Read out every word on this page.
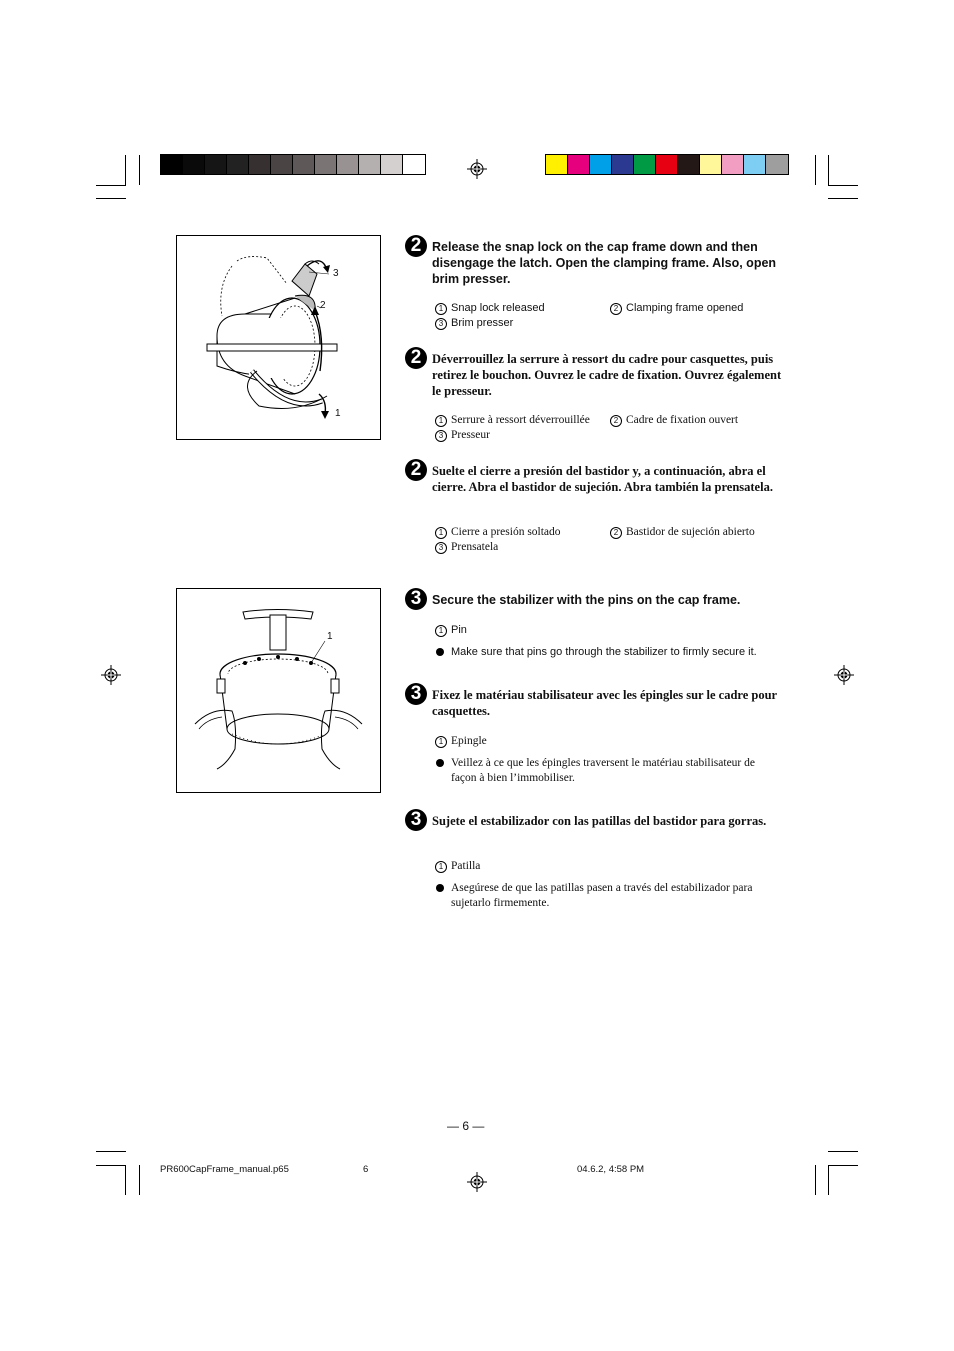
3
2
1
1
2 Release the snap lock on the cap frame down and then disengage the latch. Open the clamping frame. Also, open brim presser.
1 Snap lock released	2 Clamping frame opened
3 Brim presser
2 Déverrouillez la serrure à ressort du cadre pour casquettes, puis retirez le bouchon. Ouvrez le cadre de fixation. Ouvrez également le presseur.
1 Serrure à ressort déverrouillée	2 Cadre de fixation ouvert
3 Presseur
2 Suelte el cierre a presión del bastidor y, a continuación, abra el cierre. Abra el bastidor de sujeción. Abra también la prensatela.
1 Cierre a presión soltado	2 Bastidor de sujeción abierto
3 Prensatela
3 Secure the stabilizer with the pins on the cap frame.
1 Pin
Make sure that pins go through the stabilizer to firmly secure it.
3 Fixez le matériau stabilisateur avec les épingles sur le cadre pour casquettes.
1 Epingle
Veillez à ce que les épingles traversent le matériau stabilisateur de façon à bien l’immobiliser.
3 Sujete el estabilizador con las patillas del bastidor para gorras.
1 Patilla
Asegúrese de que las patillas pasen a través del estabilizador para sujetarlo firmemente.
— 6 —
PR600CapFrame_manual.p65	6	04.6.2, 4:58 PM
